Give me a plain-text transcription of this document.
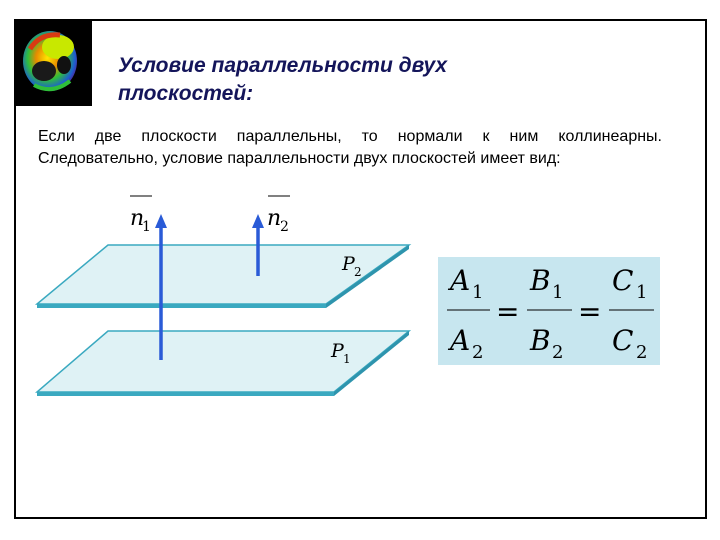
Условие параллельности двух
плоскостей:
Если две плоскости параллельны, то нормали к ним коллинеарны.
Следовательно, условие параллельности двух плоскостей имеет вид:
n
1	n
2
P 2
P 1
A 1
A 2
=
B 1
B 2
=
C 1
C 2
